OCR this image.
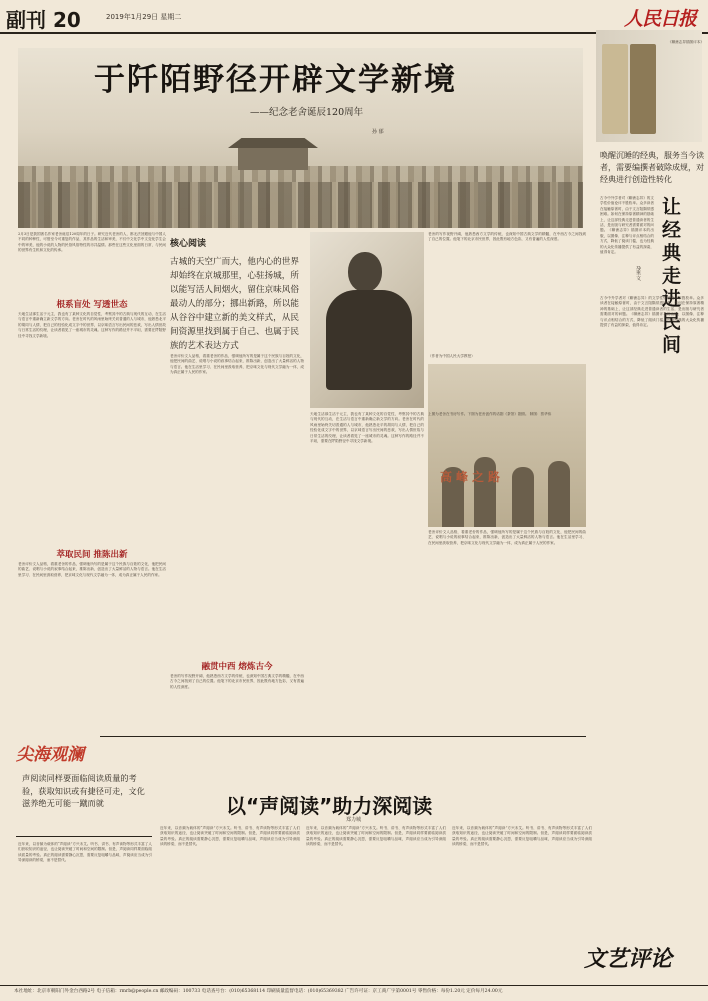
副刊 20	2019年1月29日 星期二	人民日报
于阡陌野径开辟文学新境
——纪念老舍诞辰120周年
孙 郁
2月3日是我国著名作家老舍诞辰120周年的日子。研究近代老舍的人，都无法回避他与中国人不同的种种性，可惜至今可重复的作品，其作品的生活和审美，不仅中文化学中文变化学生会中的审美，他的小说的人物的民俗风俗特性的市井温情。那些在这些文化里面的日常，与民间的世界有生机和文化的传承。
根系盲处 写透世态
天地生活那生活于元主，我也有了某种文化的自觉性，考察其中的古典与现代的互动，在生活与语言中重新确立新文学的方向。老舍在时代的风雨里始终关切普通的人与城市，他熟悉北平的胡同与人情，把自己的经验化成文字中的世界，以京味语言写出民间的悲欢，写出人情世故与日常生活的纹理，让读者看见了一座城市的灵魂。这种写作的路径并不平坦，需要在阡陌野径中寻找文学新境。
萃取民间 推陈出新
老舍评价文人品格，看重老舍的作品，强调他所写的是属于这个民族与百姓的文化，他把民间的曲艺、说唱与小说的叙事结合起来，推陈出新，创造出了大量鲜活的人物与语言。他在生活里学习、在民间里汲取营养，把京味文化与现代文学融为一体，成为真正属于人民的作家。
核心阅读
古城的天空广而大，他内心的世界却始终在京城那里，心驻扬城，所以能写活人间烟火，留住京味风俗最动人的部分；挪出新路，所以能从谷谷中建立新的美文样式，从民间资源里找到属于自己、也属于民族的艺术表达方式
老舍评价文人品格，看重老舍的作品，强调他所写的是属于这个民族与百姓的文化，他把民间的曲艺、说唱与小说的叙事结合起来，推陈出新，创造出了大量鲜活的人物与语言。他在生活里学习、在民间里汲取营养，把京味文化与现代文学融为一体，成为真正属于人民的作家。
融贯中西 熔炼古今
老舍的写作视野开阔，他熟悉西方文学的传统，也深知中国古典文学的精髓，在中西古今之间找到了自己的位置。他笔下的北京市民世界，因此既有地方色彩，又有普遍的人性深度。
天地生活那生活于元主，我也有了某种文化的自觉性，考察其中的古典与现代的互动，在生活与语言中重新确立新文学的方向。老舍在时代的风雨里始终关切普通的人与城市，他熟悉北平的胡同与人情，把自己的经验化成文字中的世界，以京味语言写出民间的悲欢，写出人情世故与日常生活的纹理，让读者看见了一座城市的灵魂。这种写作的路径并不平坦，需要在阡陌野径中寻找文学新境。
老舍的写作视野开阔，他熟悉西方文学的传统，也深知中国古典文学的精髓，在中西古今之间找到了自己的位置。他笔下的北京市民世界，因此既有地方色彩，又有普遍的人性深度。
（作者为中国人民大学教授）
上图为老舍在书房写作。下图为老舍创作的话剧《茶馆》剧照。 制图：蔡华伟
高峰之路
老舍评价文人品格，看重老舍的作品，强调他所写的是属于这个民族与百姓的文化，他把民间的曲艺、说唱与小说的叙事结合起来，推陈出新，创造出了大量鲜活的人物与语言。他在生活里学习、在民间里汲取营养，把京味文化与现代文学融为一体，成为真正属于人民的作家。
《聊斋志异插图评本》
唤醒沉睡的经典，服务当今读者，需要编撰者破除成规，对经典进行创造性转化
让经典走进民间
郑 重 文
古今中外学者对《聊斋志异》的文学性价值论评不胜枚举。众多读者在接触原著时，由于文言阻隔常感困难。如何在保持原著精神的基础上，让这部经典走进普通读者的生活，是出版与研究者需要面对的问题。《聊斋志异》插图评本的出版，以图像、注释与评点相结合的方式，降低了阅读门槛，也为经典的大众化传播提供了有益的探索，值得肯定。
古今中外学者对《聊斋志异》的文学性价值论评不胜枚举。众多读者在接触原著时，由于文言阻隔常感困难。如何在保持原著精神的基础上，让这部经典走进普通读者的生活，是出版与研究者需要面对的问题。《聊斋志异》插图评本的出版，以图像、注释与评点相结合的方式，降低了阅读门槛，也为经典的大众化传播提供了有益的探索，值得肯定。
尖海观澜
声阅读同样要面临阅读质量的考验，获取知识或有捷径可走，文化滋养绝无可能一蹴而就
近年来，以音频为载体的“声阅读”方兴未艾。听书、讲书、有声读物等形式丰富了人们获取知识的途径，也让阅读突破了时间和空间的限制。但是，声阅读同样要面临阅读质量的考验。真正的阅读需要静心沉思，需要反复咀嚼与品味，声阅读应当成为引导深阅读的桥梁，而不是替代。
以“声阅读”助力深阅读
郑力城
近年来，以音频为载体的“声阅读”方兴未艾。听书、讲书、有声读物等形式丰富了人们获取知识的途径，也让阅读突破了时间和空间的限制。但是，声阅读同样要面临阅读质量的考验。真正的阅读需要静心沉思，需要反复咀嚼与品味，声阅读应当成为引导深阅读的桥梁，而不是替代。
近年来，以音频为载体的“声阅读”方兴未艾。听书、讲书、有声读物等形式丰富了人们获取知识的途径，也让阅读突破了时间和空间的限制。但是，声阅读同样要面临阅读质量的考验。真正的阅读需要静心沉思，需要反复咀嚼与品味，声阅读应当成为引导深阅读的桥梁，而不是替代。
近年来，以音频为载体的“声阅读”方兴未艾。听书、讲书、有声读物等形式丰富了人们获取知识的途径，也让阅读突破了时间和空间的限制。但是，声阅读同样要面临阅读质量的考验。真正的阅读需要静心沉思，需要反复咀嚼与品味，声阅读应当成为引导深阅读的桥梁，而不是替代。
文艺评论
本社地址：北京市朝阳门外金台西路2号 电子信箱：rmrb@people.cn 邮政编码：100733 电话查号台：(010)65368114 印刷质量监督电话：(010)65369382 广告许可证：京工商广字第0001号 零售价格：每份1.20元 定价每月24.00元
